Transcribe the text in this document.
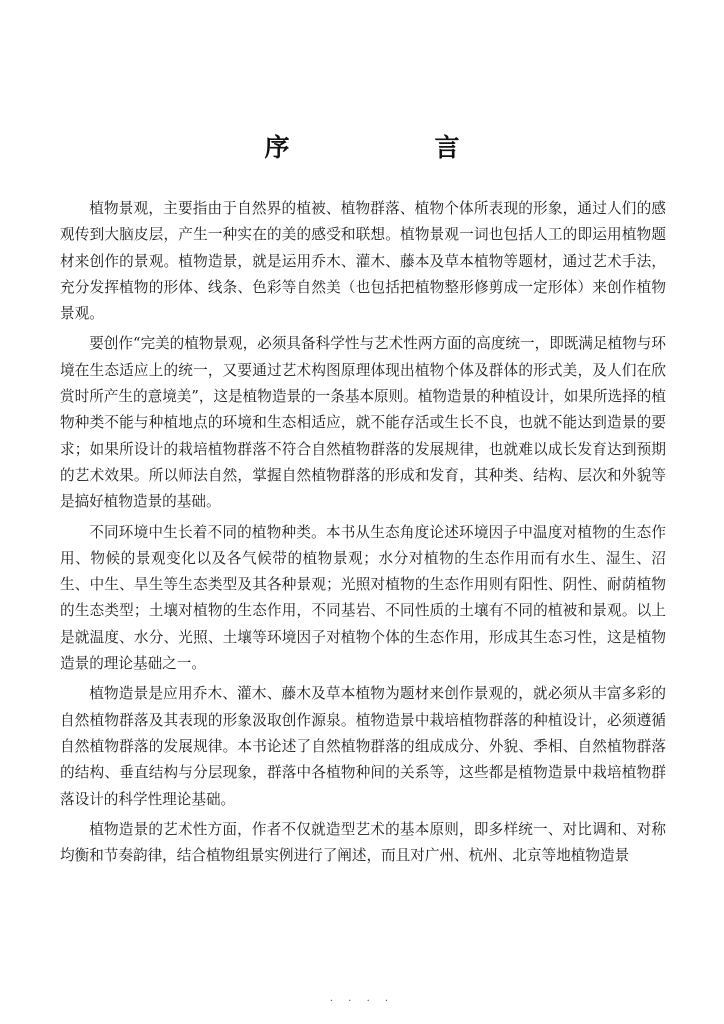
序　言

植物景观，主要指由于自然界的植被、植物群落、植物个体所表现的形象，通过人们的感观传到大脑皮层，产生一种实在的美的感受和联想。植物景观一词也包括人工的即运用植物题材来创作的景观。植物造景，就是运用乔木、灌木、藤本及草本植物等题材，通过艺术手法，充分发挥植物的形体、线条、色彩等自然美（也包括把植物整形修剪成一定形体）来创作植物景观。

要创作“完美的植物景观，必须具备科学性与艺术性两方面的高度统一，即既满足植物与环境在生态适应上的统一，又要通过艺术构图原理体现出植物个体及群体的形式美，及人们在欣赏时所产生的意境美”，这是植物造景的一条基本原则。植物造景的种植设计，如果所选择的植物种类不能与种植地点的环境和生态相适应，就不能存活或生长不良，也就不能达到造景的要求；如果所设计的栽培植物群落不符合自然植物群落的发展规律，也就难以成长发育达到预期的艺术效果。所以师法自然，掌握自然植物群落的形成和发育，其种类、结构、层次和外貌等是搞好植物造景的基础。

不同环境中生长着不同的植物种类。本书从生态角度论述环境因子中温度对植物的生态作用、物候的景观变化以及各气候带的植物景观；水分对植物的生态作用而有水生、湿生、沼生、中生、旱生等生态类型及其各种景观；光照对植物的生态作用则有阳性、阴性、耐荫植物的生态类型；土壤对植物的生态作用，不同基岩、不同性质的土壤有不同的植被和景观。以上是就温度、水分、光照、土壤等环境因子对植物个体的生态作用，形成其生态习性，这是植物造景的理论基础之一。

植物造景是应用乔木、灌木、藤木及草本植物为题材来创作景观的，就必须从丰富多彩的自然植物群落及其表现的形象汲取创作源泉。植物造景中栽培植物群落的种植设计，必须遵循自然植物群落的发展规律。本书论述了自然植物群落的组成成分、外貌、季相、自然植物群落的结构、垂直结构与分层现象，群落中各植物种间的关系等，这些都是植物造景中栽培植物群落设计的科学性理论基础。

植物造景的艺术性方面，作者不仅就造型艺术的基本原则，即多样统一、对比调和、对称均衡和节奏韵律，结合植物组景实例进行了阐述，而且对广州、杭州、北京等地植物造景

· · · ·
